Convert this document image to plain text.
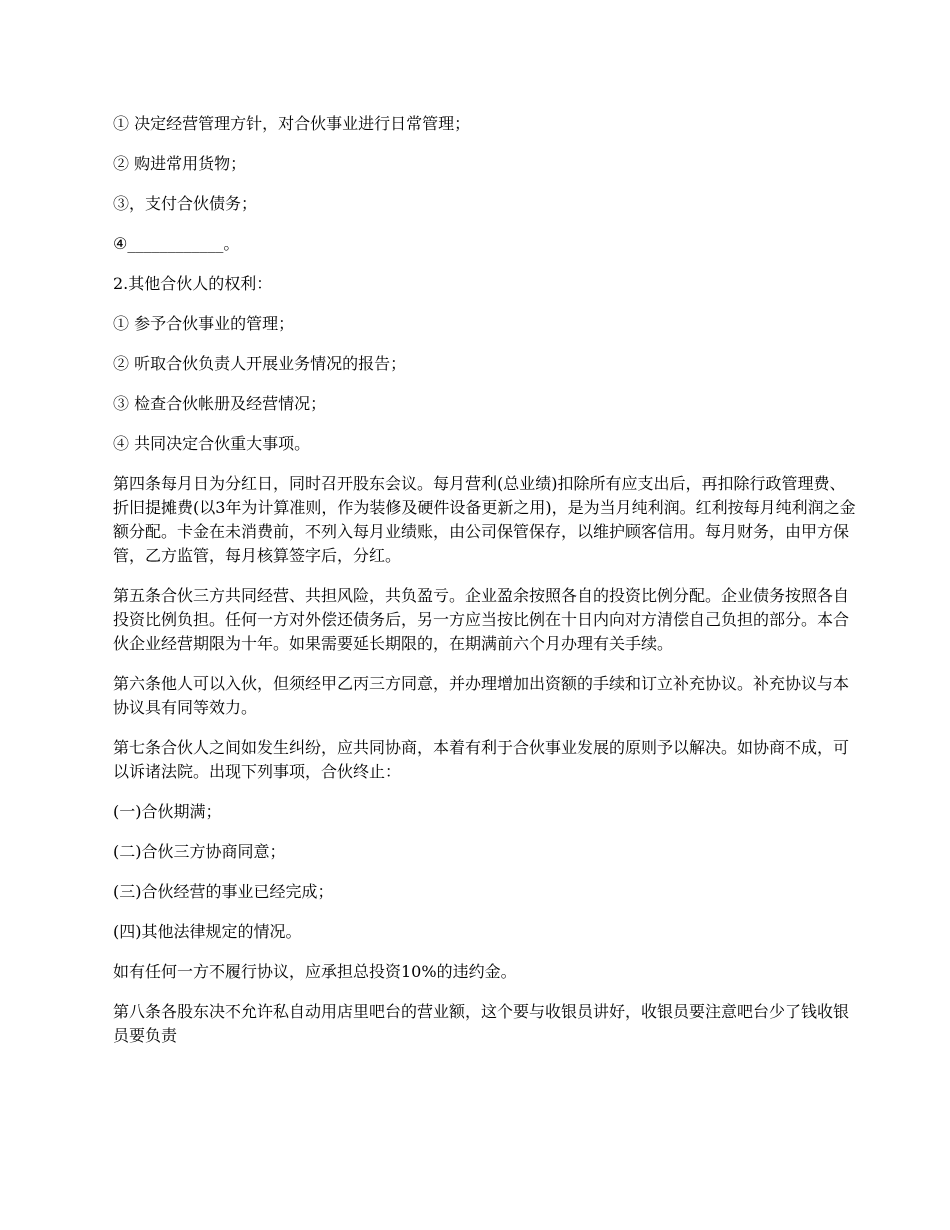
① 决定经营管理方针，对合伙事业进行日常管理；

② 购进常用货物；

③，支付合伙债务；

④____________。

2.其他合伙人的权利：

① 参予合伙事业的管理；

② 听取合伙负责人开展业务情况的报告；

③ 检查合伙帐册及经营情况；

④ 共同决定合伙重大事项。

第四条每月日为分红日，同时召开股东会议。每月营利(总业绩)扣除所有应支出后，再扣除行政管理费、折旧提摊费(以3年为计算准则，作为装修及硬件设备更新之用)，是为当月纯利润。红利按每月纯利润之金额分配。卡金在未消费前，不列入每月业绩账，由公司保管保存，以维护顾客信用。每月财务，由甲方保管，乙方监管，每月核算签字后，分红。

第五条合伙三方共同经营、共担风险，共负盈亏。企业盈余按照各自的投资比例分配。企业债务按照各自投资比例负担。任何一方对外偿还债务后，另一方应当按比例在十日内向对方清偿自己负担的部分。本合伙企业经营期限为十年。如果需要延长期限的，在期满前六个月办理有关手续。

第六条他人可以入伙，但须经甲乙丙三方同意，并办理增加出资额的手续和订立补充协议。补充协议与本协议具有同等效力。

第七条合伙人之间如发生纠纷，应共同协商，本着有利于合伙事业发展的原则予以解决。如协商不成，可以诉诸法院。出现下列事项，合伙终止：

(一)合伙期满；

(二)合伙三方协商同意；

(三)合伙经营的事业已经完成；

(四)其他法律规定的情况。

如有任何一方不履行协议，应承担总投资10%的违约金。

第八条各股东决不允许私自动用店里吧台的营业额，这个要与收银员讲好，收银员要注意吧台少了钱收银员要负责
